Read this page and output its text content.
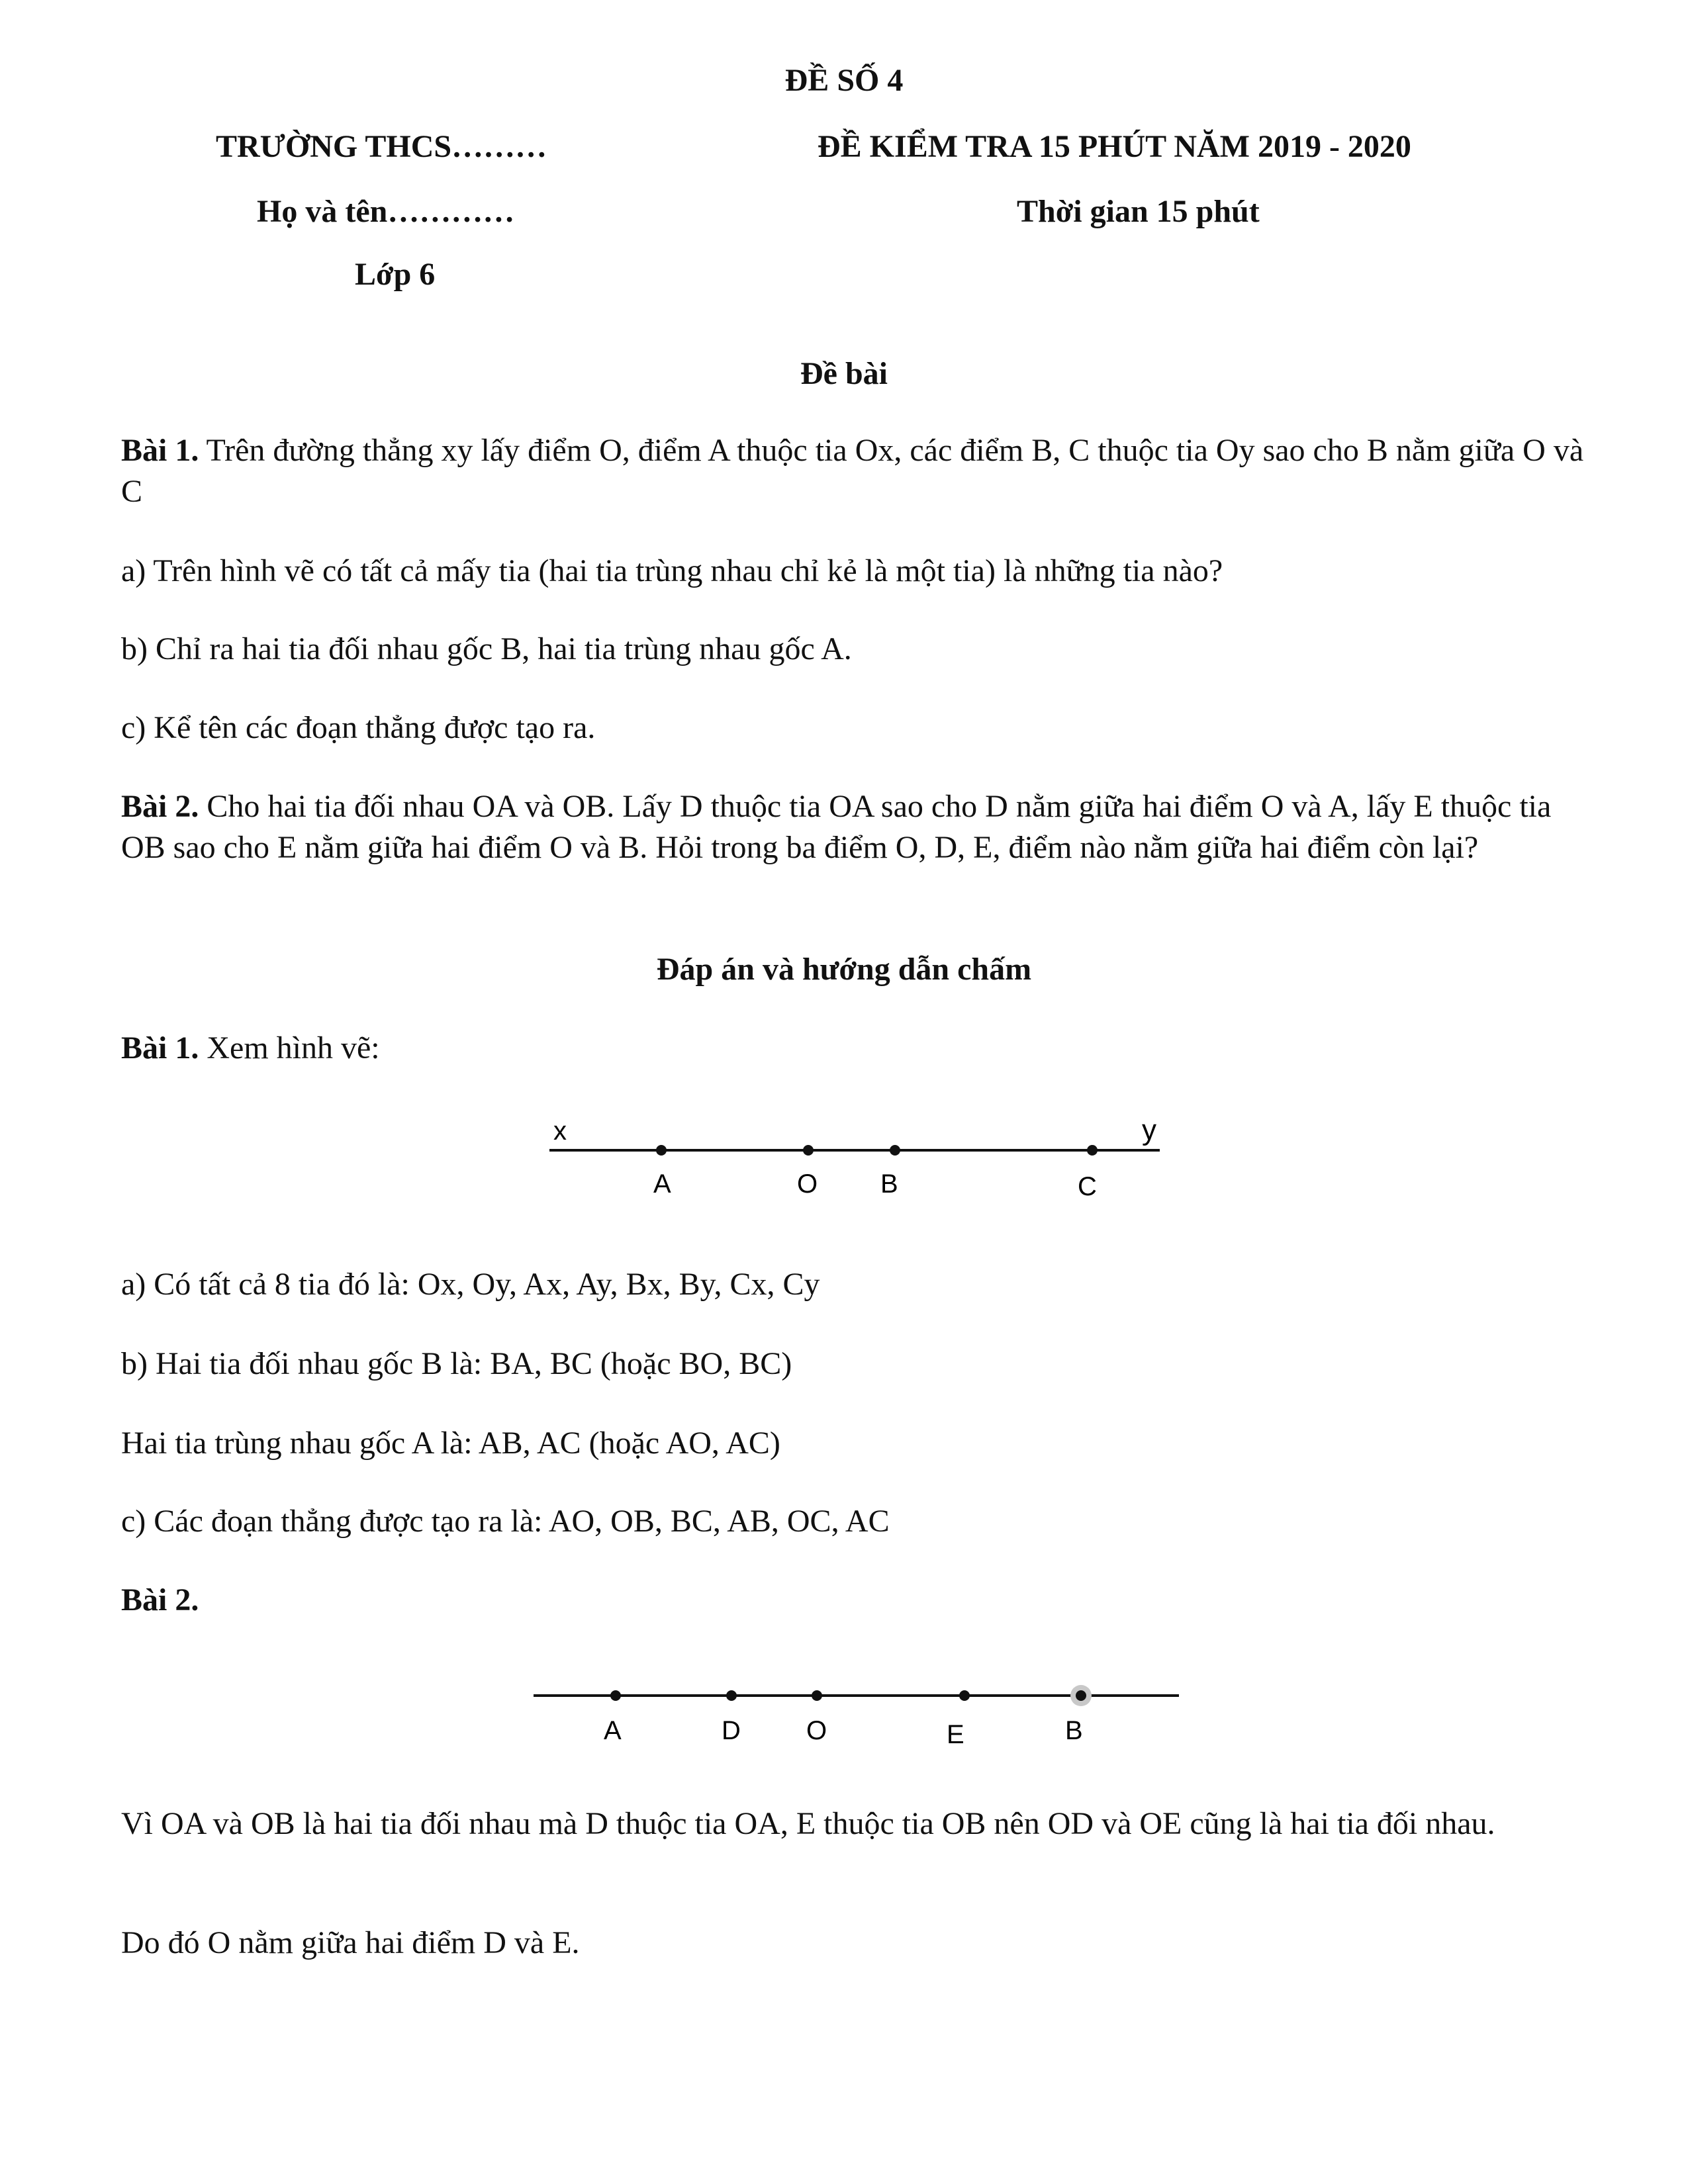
ĐỀ SỐ 4
TRƯỜNG THCS………	ĐỀ KIỂM TRA 15 PHÚT NĂM 2019 - 2020
Họ và tên…………	Thời gian 15 phút
Lớp 6
Đề bài
Bài 1. Trên đường thẳng xy lấy điểm O, điểm A thuộc tia Ox, các điểm B, C thuộc tia Oy sao cho B nằm giữa O và C
a) Trên hình vẽ có tất cả mấy tia (hai tia trùng nhau chỉ kẻ là một tia) là những tia nào?
b) Chỉ ra hai tia đối nhau gốc B, hai tia trùng nhau gốc A.
c) Kể tên các đoạn thẳng được tạo ra.
Bài 2. Cho hai tia đối nhau OA và OB. Lấy D thuộc tia OA sao cho D nằm giữa hai điểm O và A, lấy E thuộc tia OB sao cho E nằm giữa hai điểm O và B. Hỏi trong ba điểm O, D, E, điểm nào nằm giữa hai điểm còn lại?
Đáp án và hướng dẫn chấm
Bài 1. Xem hình vẽ:
x	y
A	O B	C
A	D O	E	B
a) Có tất cả 8 tia đó là: Ox, Oy, Ax, Ay, Bx, By, Cx, Cy
b) Hai tia đối nhau gốc B là: BA, BC (hoặc BO, BC)
Hai tia trùng nhau gốc A là: AB, AC (hoặc AO, AC)
c) Các đoạn thẳng được tạo ra là: AO, OB, BC, AB, OC, AC
Bài 2.
Vì OA và OB là hai tia đối nhau mà D thuộc tia OA, E thuộc tia OB nên OD và OE cũng là hai tia đối nhau.
Do đó O nằm giữa hai điểm D và E.
